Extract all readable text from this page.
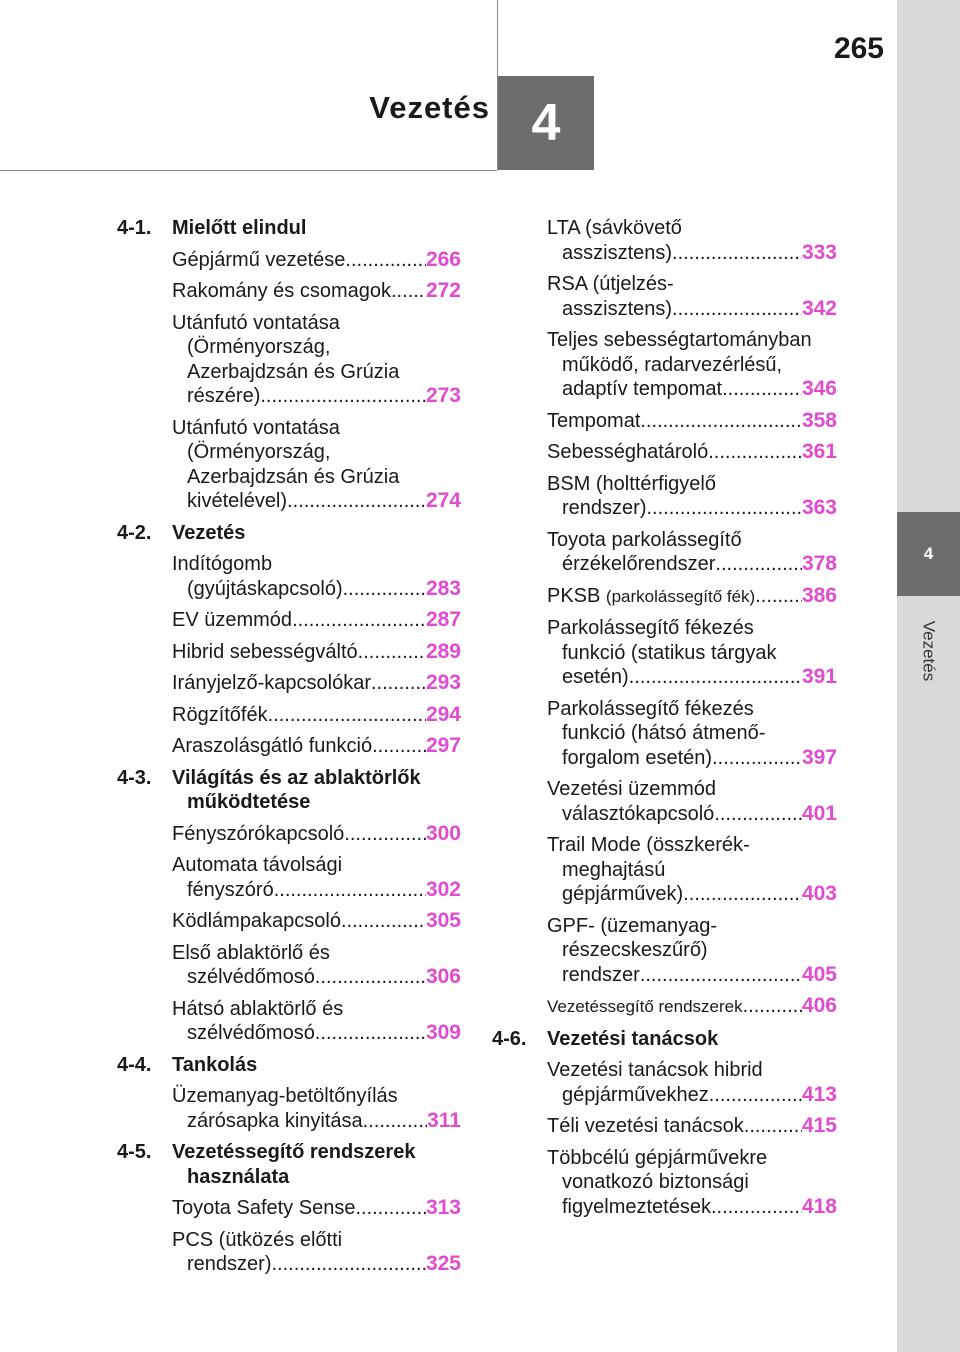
Vezetés 4
265
4
Vezetés
4-1. Mielőtt elindul
Gépjármű vezetése .....	266
Rakomány és csomagok ..... 272
Utánfutó vontatása
(Örményország,
Azerbajdzsán és Grúzia
részére) .....	273
Utánfutó vontatása
(Örményország,
Azerbajdzsán és Grúzia
kivételével) .....	274
4-2. Vezetés
Indítógomb
(gyújtáskapcsoló) .....	283
EV üzemmód .....	287
Hibrid sebességváltó .....	289
Irányjelző-kapcsolókar .....	293
Rögzítőfék .....	294
Araszolásgátló funkció .....	297
4-3. Világítás és az ablaktörlők
működtetése
Fényszórókapcsoló .....	300
Automata távolsági
fényszóró .....	302
Ködlámpakapcsoló .....	305
Első ablaktörlő és
szélvédőmosó .....	306
Hátsó ablaktörlő és
szélvédőmosó .....	309
4-4. Tankolás
Üzemanyag-betöltőnyílás
zárósapka kinyitása .....	311
4-5. Vezetéssegítő rendszerek
használata
Toyota Safety Sense .....	313
PCS (ütközés előtti
rendszer) .....	325
LTA (sávkövető
asszisztens) .....	333
RSA (útjelzés-
asszisztens) .....	342
Teljes sebességtartományban
működő, radarvezérlésű,
adaptív tempomat .....	346
Tempomat .....	358
Sebességhatároló .....	361
BSM (holttérfigyelő
rendszer) .....	363
Toyota parkolássegítő
érzékelőrendszer .....	378
PKSB
(parkolássegítő fék) ..... 386
Parkolássegítő fékezés
funkció (statikus tárgyak
esetén) .....	391
Parkolássegítő fékezés
funkció (hátsó átmenő-
forgalom esetén) .....	397
Vezetési üzemmód
választókapcsoló .....	401
Trail Mode (összkerék-
meghajtású
gépjárművek) .....	403
GPF- (üzemanyag-
részecskeszűrő)
rendszer .....	405
Vezetéssegítő rendszerek .....	406
4-6. Vezetési tanácsok
Vezetési tanácsok hibrid
gépjárművekhez .....	413
Téli vezetési tanácsok .....	415
Többcélú gépjárművekre
vonatkozó biztonsági
figyelmeztetések .....	418
